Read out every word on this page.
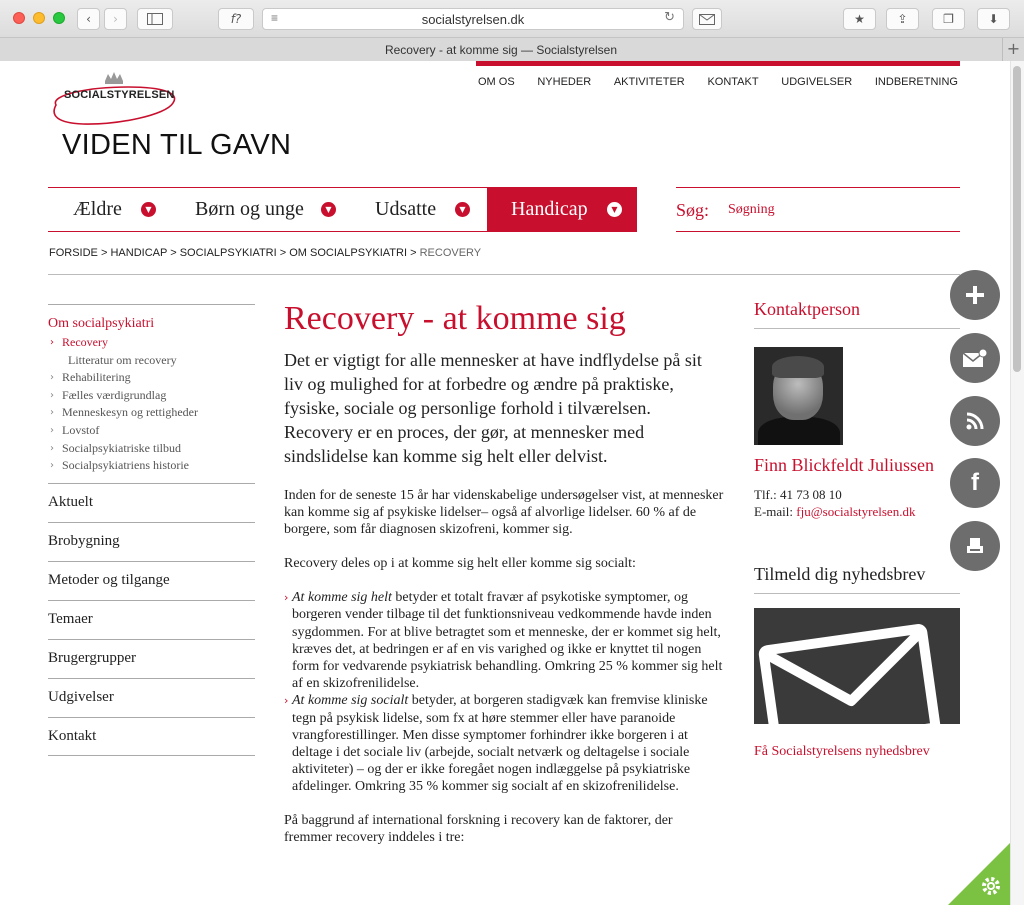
‹ ›	f? ≡	socialstyrelsen.dk	↻	★	⇪	❐	⬇
Recovery - at komme sig — Socialstyrelsen	+
SOCIALSTYRELSEN
OM OS NYHEDER AKTIVITETER KONTAKT UDGIVELSER INDBERETNING
VIDEN TIL GAVN
Ældre	▼ Børn og unge	▼ Udsatte	▼ Handicap	▼	Søg:
Søgning
FORSIDE > HANDICAP > SOCIALPSYKIATRI > OM SOCIALPSYKIATRI > RECOVERY
Om socialpsykiatri
› Recovery
Litteratur om recovery
› Rehabilitering
› Fælles værdigrundlag
› Menneskesyn og rettigheder
› Lovstof
› Socialpsykiatriske tilbud
› Socialpsykiatriens historie
Aktuelt
Brobygning
Metoder og tilgange
Temaer
Brugergrupper
Udgivelser
Kontakt
Recovery - at komme sig
Det er vigtigt for alle mennesker at have indflydelse på sit liv og mulighed for at forbedre og ændre på praktiske, fysiske, sociale og personlige forhold i tilværelsen. Recovery er en proces, der gør, at mennesker med sindslidelse kan komme sig helt eller delvist.

Inden for de seneste 15 år har videnskabelige undersøgelser vist, at mennesker kan komme sig af psykiske lidelser– også af alvorlige lidelser. 60 % af de borgere, som får diagnosen skizofreni, kommer sig.

Recovery deles op i at komme sig helt eller komme sig socialt:

› At komme sig helt betyder et totalt fravær af psykotiske symptomer, og borgeren vender tilbage til det funktionsniveau vedkommende havde inden sygdommen. For at blive betragtet som et menneske, der er kommet sig helt, kræves det, at bedringen er af en vis varighed og ikke er knyttet til nogen form for vedvarende psykiatrisk behandling. Omkring 25 % kommer sig helt af en skizofrenilidelse.
› At komme sig socialt betyder, at borgeren stadigvæk kan fremvise kliniske tegn på psykisk lidelse, som fx at høre stemmer eller have paranoide vrangforestillinger. Men disse symptomer forhindrer ikke borgeren i at deltage i det sociale liv (arbejde, socialt netværk og deltagelse i sociale aktiviteter) – og der er ikke foregået nogen indlæggelse på psykiatriske afdelinger. Omkring 35 % kommer sig socialt af en skizofrenilidelse.

På baggrund af international forskning i recovery kan de faktorer, der fremmer recovery inddeles i tre:

Kontaktperson
Finn Blickfeldt Juliussen
Tlf.: 41 73 08 10
E-mail: fju@socialstyrelsen.dk
Tilmeld dig nyhedsbrev
Få Socialstyrelsens nyhedsbrev
f
